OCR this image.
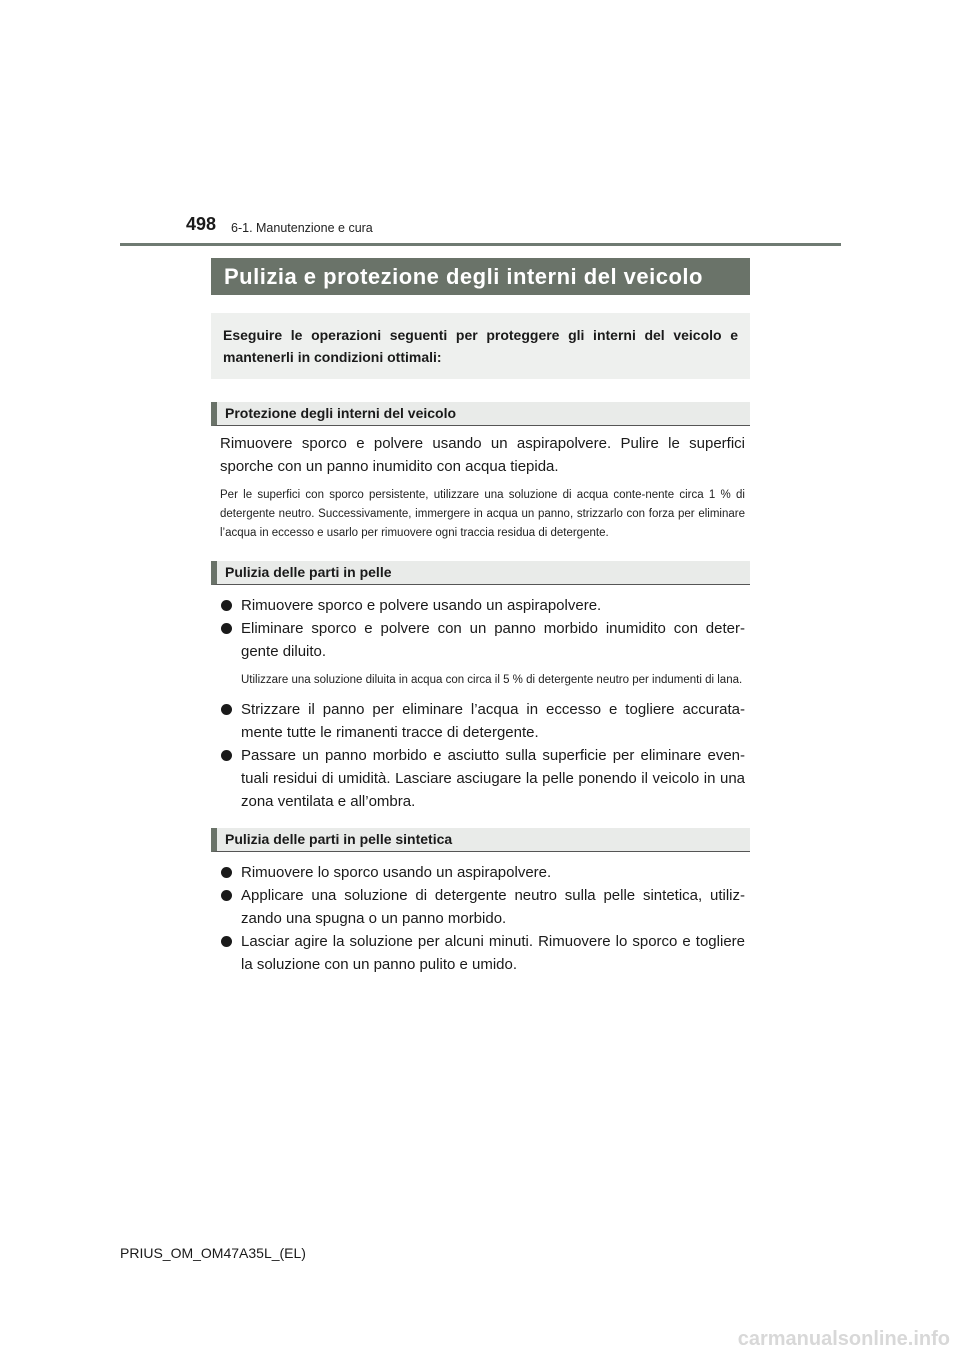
498 6-1. Manutenzione e cura
Pulizia e protezione degli interni del veicolo
Eseguire le operazioni seguenti per proteggere gli interni del veicolo e mantenerli in condizioni ottimali:
Protezione degli interni del veicolo
Rimuovere sporco e polvere usando un aspirapolvere. Pulire le superfici sporche con un panno inumidito con acqua tiepida.
Per le superfici con sporco persistente, utilizzare una soluzione di acqua conte-nente circa 1 % di detergente neutro. Successivamente, immergere in acqua un panno, strizzarlo con forza per eliminare l’acqua in eccesso e usarlo per rimuovere ogni traccia residua di detergente.
Pulizia delle parti in pelle
Rimuovere sporco e polvere usando un aspirapolvere.
Eliminare sporco e polvere con un panno morbido inumidito con deter-gente diluito.
Utilizzare una soluzione diluita in acqua con circa il 5 % di detergente neutro per indumenti di lana.
Strizzare il panno per eliminare l’acqua in eccesso e togliere accurata-mente tutte le rimanenti tracce di detergente.
Passare un panno morbido e asciutto sulla superficie per eliminare even-tuali residui di umidità. Lasciare asciugare la pelle ponendo il veicolo in una zona ventilata e all’ombra.
Pulizia delle parti in pelle sintetica
Rimuovere lo sporco usando un aspirapolvere.
Applicare una soluzione di detergente neutro sulla pelle sintetica, utiliz-zando una spugna o un panno morbido.
Lasciar agire la soluzione per alcuni minuti. Rimuovere lo sporco e togliere la soluzione con un panno pulito e umido.
PRIUS_OM_OM47A35L_(EL)
carmanualsonline.info
